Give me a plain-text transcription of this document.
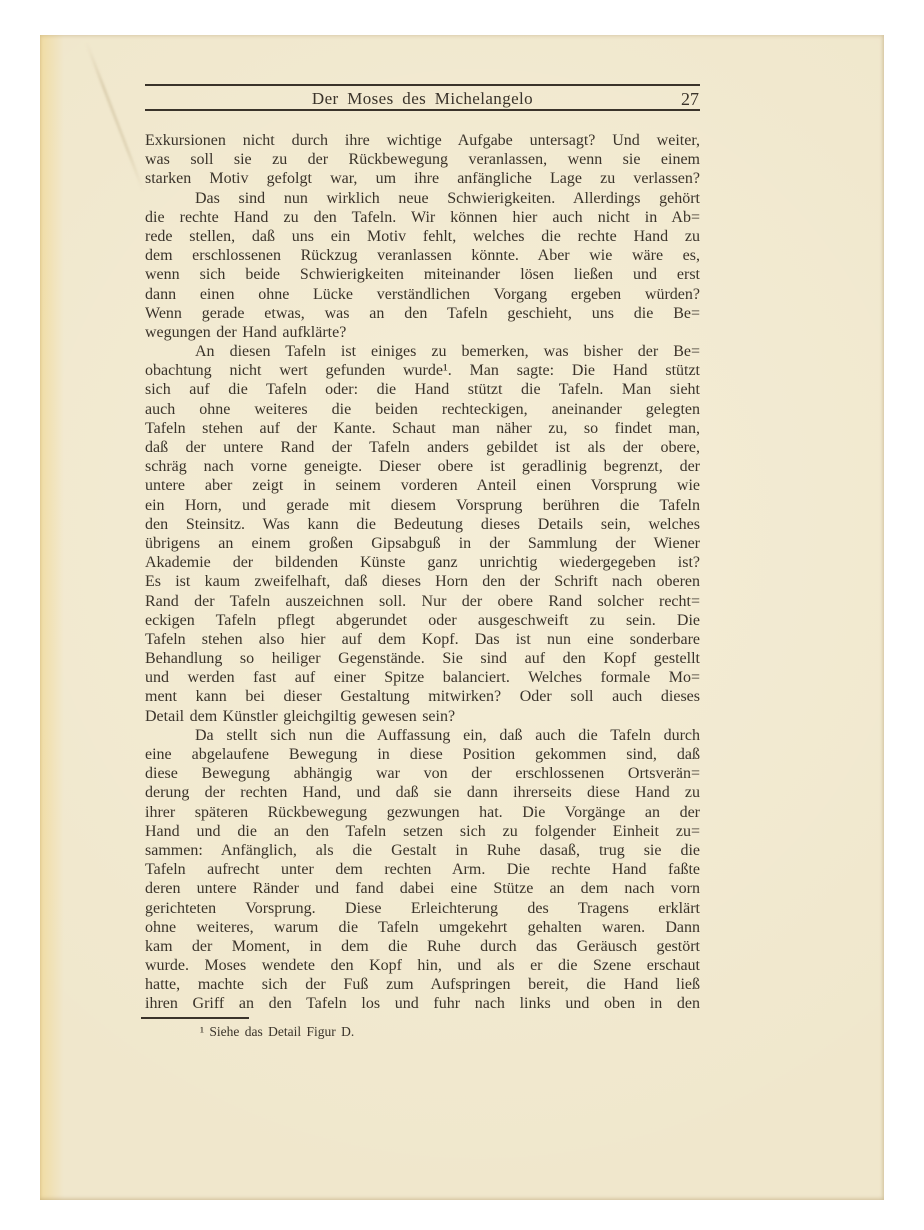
Der Moses des Michelangelo	27
Exkursionen nicht durch ihre wichtige Aufgabe untersagt? Und weiter,
was soll sie zu der Rückbewegung veranlassen, wenn sie einem
starken Motiv gefolgt war, um ihre anfängliche Lage zu verlassen?
Das sind nun wirklich neue Schwierigkeiten. Allerdings gehört
die rechte Hand zu den Tafeln. Wir können hier auch nicht in Ab=
rede stellen, daß uns ein Motiv fehlt, welches die rechte Hand zu
dem erschlossenen Rückzug veranlassen könnte. Aber wie wäre es,
wenn sich beide Schwierigkeiten miteinander lösen ließen und erst
dann einen ohne Lücke verständlichen Vorgang ergeben würden?
Wenn gerade etwas, was an den Tafeln geschieht, uns die Be=
wegungen der Hand aufklärte?
An diesen Tafeln ist einiges zu bemerken, was bisher der Be=
obachtung nicht wert gefunden wurde¹. Man sagte: Die Hand stützt
sich auf die Tafeln oder: die Hand stützt die Tafeln. Man sieht
auch ohne weiteres die beiden rechteckigen, aneinander gelegten
Tafeln stehen auf der Kante. Schaut man näher zu, so findet man,
daß der untere Rand der Tafeln anders gebildet ist als der obere,
schräg nach vorne geneigte. Dieser obere ist geradlinig begrenzt, der
untere aber zeigt in seinem vorderen Anteil einen Vorsprung wie
ein Horn, und gerade mit diesem Vorsprung berühren die Tafeln
den Steinsitz. Was kann die Bedeutung dieses Details sein, welches
übrigens an einem großen Gipsabguß in der Sammlung der Wiener
Akademie der bildenden Künste ganz unrichtig wiedergegeben ist?
Es ist kaum zweifelhaft, daß dieses Horn den der Schrift nach oberen
Rand der Tafeln auszeichnen soll. Nur der obere Rand solcher recht=
eckigen Tafeln pflegt abgerundet oder ausgeschweift zu sein. Die
Tafeln stehen also hier auf dem Kopf. Das ist nun eine sonderbare
Behandlung so heiliger Gegenstände. Sie sind auf den Kopf gestellt
und werden fast auf einer Spitze balanciert. Welches formale Mo=
ment kann bei dieser Gestaltung mitwirken? Oder soll auch dieses
Detail dem Künstler gleichgiltig gewesen sein?
Da stellt sich nun die Auffassung ein, daß auch die Tafeln durch
eine abgelaufene Bewegung in diese Position gekommen sind, daß
diese Bewegung abhängig war von der erschlossenen Ortsverän=
derung der rechten Hand, und daß sie dann ihrerseits diese Hand zu
ihrer späteren Rückbewegung gezwungen hat. Die Vorgänge an der
Hand und die an den Tafeln setzen sich zu folgender Einheit zu=
sammen: Anfänglich, als die Gestalt in Ruhe dasaß, trug sie die
Tafeln aufrecht unter dem rechten Arm. Die rechte Hand faßte
deren untere Ränder und fand dabei eine Stütze an dem nach vorn
gerichteten Vorsprung. Diese Erleichterung des Tragens erklärt
ohne weiteres, warum die Tafeln umgekehrt gehalten waren. Dann
kam der Moment, in dem die Ruhe durch das Geräusch gestört
wurde. Moses wendete den Kopf hin, und als er die Szene erschaut
hatte, machte sich der Fuß zum Aufspringen bereit, die Hand ließ
ihren Griff an den Tafeln los und fuhr nach links und oben in den
¹ Siehe das Detail Figur D.
